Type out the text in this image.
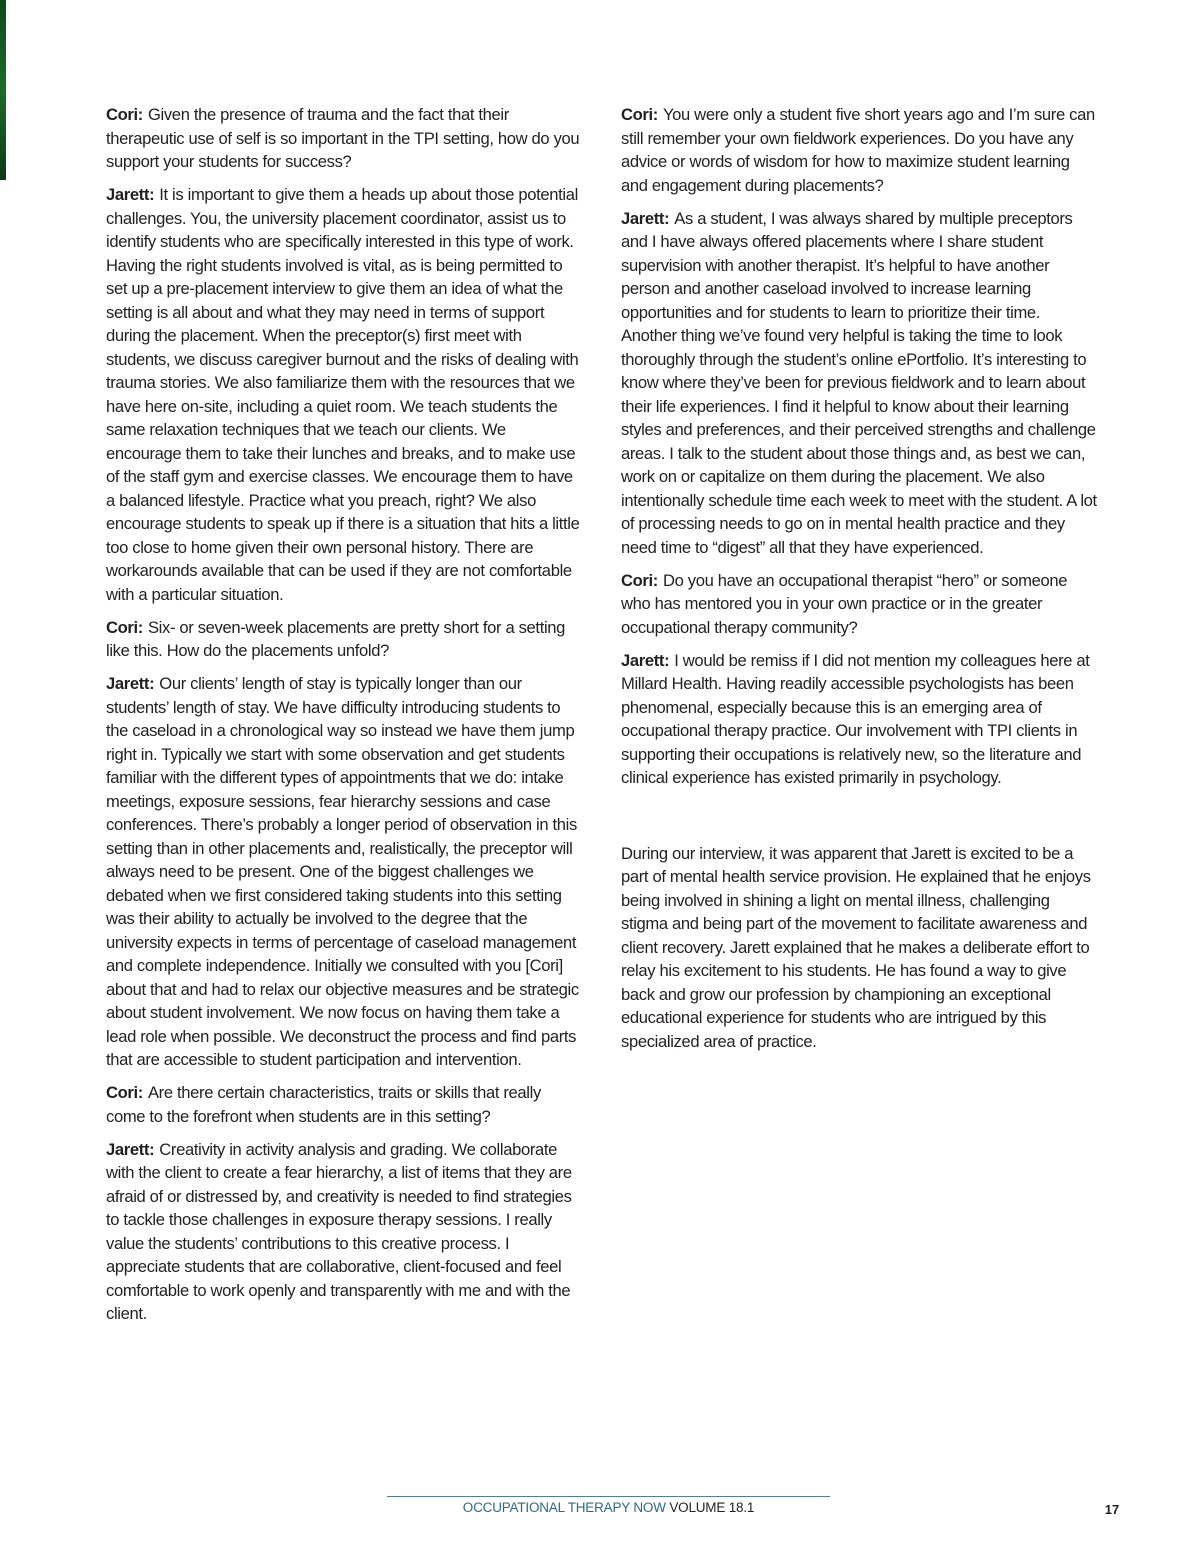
Cori: Given the presence of trauma and the fact that their therapeutic use of self is so important in the TPI setting, how do you support your students for success?

Jarett: It is important to give them a heads up about those potential challenges. You, the university placement coordinator, assist us to identify students who are specifically interested in this type of work. Having the right students involved is vital, as is being permitted to set up a pre-placement interview to give them an idea of what the setting is all about and what they may need in terms of support during the placement. When the preceptor(s) first meet with students, we discuss caregiver burnout and the risks of dealing with trauma stories. We also familiarize them with the resources that we have here on-site, including a quiet room. We teach students the same relaxation techniques that we teach our clients. We encourage them to take their lunches and breaks, and to make use of the staff gym and exercise classes. We encourage them to have a balanced lifestyle. Practice what you preach, right? We also encourage students to speak up if there is a situation that hits a little too close to home given their own personal history. There are workarounds available that can be used if they are not comfortable with a particular situation.

Cori: Six- or seven-week placements are pretty short for a setting like this. How do the placements unfold?

Jarett: Our clients’ length of stay is typically longer than our students’ length of stay. We have difficulty introducing students to the caseload in a chronological way so instead we have them jump right in. Typically we start with some observation and get students familiar with the different types of appointments that we do: intake meetings, exposure sessions, fear hierarchy sessions and case conferences. There’s probably a longer period of observation in this setting than in other placements and, realistically, the preceptor will always need to be present. One of the biggest challenges we debated when we first considered taking students into this setting was their ability to actually be involved to the degree that the university expects in terms of percentage of caseload management and complete independence. Initially we consulted with you [Cori] about that and had to relax our objective measures and be strategic about student involvement. We now focus on having them take a lead role when possible. We deconstruct the process and find parts that are accessible to student participation and intervention.

Cori: Are there certain characteristics, traits or skills that really come to the forefront when students are in this setting?

Jarett: Creativity in activity analysis and grading. We collaborate with the client to create a fear hierarchy, a list of items that they are afraid of or distressed by, and creativity is needed to find strategies to tackle those challenges in exposure therapy sessions. I really value the students’ contributions to this creative process. I appreciate students that are collaborative, client-focused and feel comfortable to work openly and transparently with me and with the client.

Cori: You were only a student five short years ago and I’m sure can still remember your own fieldwork experiences. Do you have any advice or words of wisdom for how to maximize student learning and engagement during placements?

Jarett: As a student, I was always shared by multiple preceptors and I have always offered placements where I share student supervision with another therapist. It’s helpful to have another person and another caseload involved to increase learning opportunities and for students to learn to prioritize their time. Another thing we’ve found very helpful is taking the time to look thoroughly through the student’s online ePortfolio. It’s interesting to know where they’ve been for previous fieldwork and to learn about their life experiences. I find it helpful to know about their learning styles and preferences, and their perceived strengths and challenge areas. I talk to the student about those things and, as best we can, work on or capitalize on them during the placement. We also intentionally schedule time each week to meet with the student. A lot of processing needs to go on in mental health practice and they need time to “digest” all that they have experienced.

Cori: Do you have an occupational therapist “hero” or someone who has mentored you in your own practice or in the greater occupational therapy community?

Jarett: I would be remiss if I did not mention my colleagues here at Millard Health. Having readily accessible psychologists has been phenomenal, especially because this is an emerging area of occupational therapy practice. Our involvement with TPI clients in supporting their occupations is relatively new, so the literature and clinical experience has existed primarily in psychology.

During our interview, it was apparent that Jarett is excited to be a part of mental health service provision. He explained that he enjoys being involved in shining a light on mental illness, challenging stigma and being part of the movement to facilitate awareness and client recovery. Jarett explained that he makes a deliberate effort to relay his excitement to his students. He has found a way to give back and grow our profession by championing an exceptional educational experience for students who are intrigued by this specialized area of practice.

OCCUPATIONAL THERAPY NOW VOLUME 18.1	17
